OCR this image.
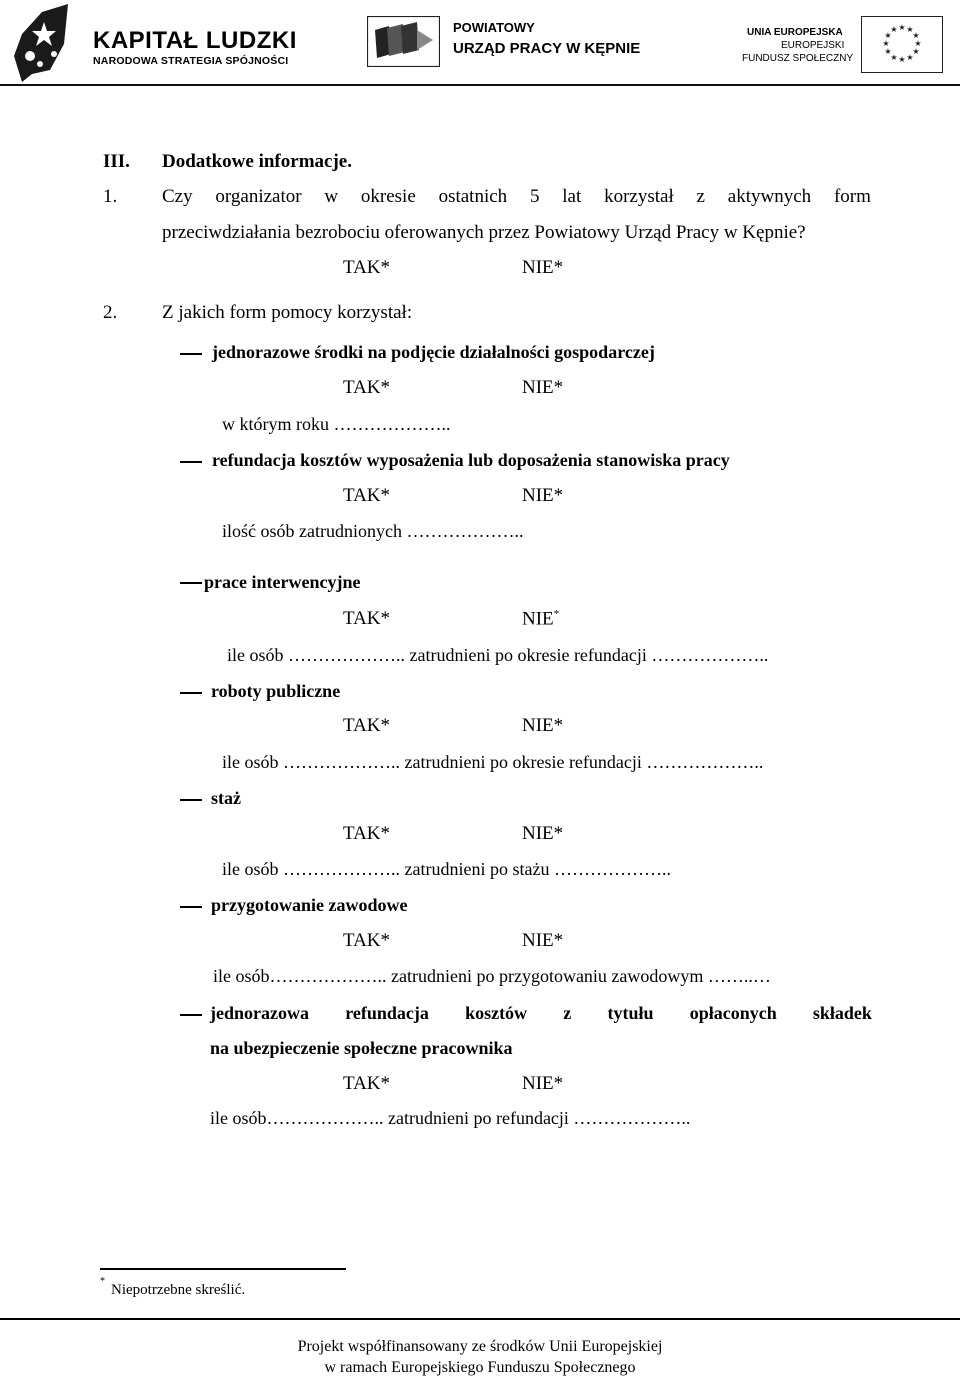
KAPITAŁ LUDZKI
NARODOWA STRATEGIA SPÓJNOŚCI
POWIATOWY
URZĄD PRACY W KĘPNIE
UNIA EUROPEJSKA
EUROPEJSKI
FUNDUSZ SPOŁECZNY
★ ★
★
★
★
★
★
★
★
★
★
★
III. Dodatkowe informacje.
1. Czy organizator w okresie ostatnich 5 lat korzystał z aktywnych form
przeciwdziałania bezrobociu oferowanych przez Powiatowy Urząd Pracy w Kępnie?
TAK*	NIE*
2. Z jakich form pomocy korzystał:
jednorazowe środki na podjęcie działalności gospodarczej
TAK*	NIE*
w którym roku ………………..
refundacja kosztów wyposażenia lub doposażenia stanowiska pracy
TAK*	NIE*
ilość osób zatrudnionych ………………..
prace interwencyjne
TAK*	NIE*
ile osób ……………….. zatrudnieni po okresie refundacji ………………..
roboty publiczne
TAK*	NIE*
ile osób ……………….. zatrudnieni po okresie refundacji ………………..
staż
TAK*	NIE*
ile osób ……………….. zatrudnieni po stażu ………………..
przygotowanie zawodowe
TAK*	NIE*
ile osób……………….. zatrudnieni po przygotowaniu zawodowym ……..…
jednorazowa refundacja kosztów z tytułu opłaconych składek
na ubezpieczenie społeczne pracownika
TAK*	NIE*
ile osób……………….. zatrudnieni po refundacji ………………..
*
Niepotrzebne skreślić.
Projekt współfinansowany ze środków Unii Europejskiej
w ramach Europejskiego Funduszu Społecznego
